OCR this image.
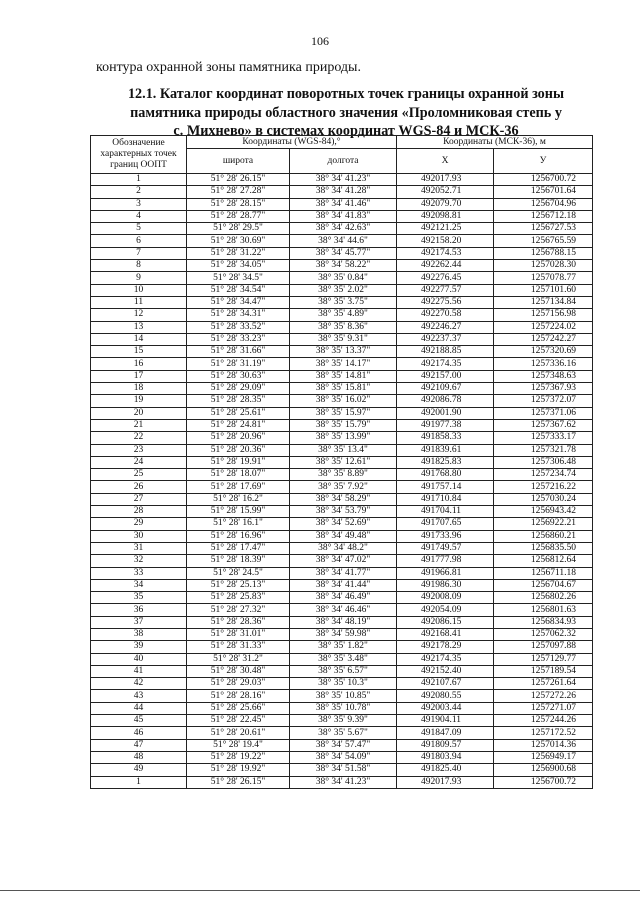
106
контура охранной зоны памятника природы.
12.1. Каталог координат поворотных точек границы охранной зоны
памятника природы областного значения «Проломниковая степь у
с. Михнево» в системах координат WGS-84 и МСК-36
Обозначение характерных точек границ ООПТ	Координаты (WGS-84),°		Координаты (МСК-36), м	
	широта	долгота	X	У
1	51° 28' 26.15"	38° 34' 41.23"	492017.93	1256700.72
2	51° 28' 27.28"	38° 34' 41.28"	492052.71	1256701.64
3	51° 28' 28.15"	38° 34' 41.46"	492079.70	1256704.96
4	51° 28' 28.77"	38° 34' 41.83"	492098.81	1256712.18
5	51° 28' 29.5"	38° 34' 42.63"	492121.25	1256727.53
6	51° 28' 30.69"	38° 34' 44.6"	492158.20	1256765.59
7	51° 28' 31.22"	38° 34' 45.77"	492174.53	1256788.15
8	51° 28' 34.05"	38° 34' 58.22"	492262.44	1257028.30
9	51° 28' 34.5"	38° 35' 0.84"	492276.45	1257078.77
10	51° 28' 34.54"	38° 35' 2.02"	492277.57	1257101.60
11	51° 28' 34.47"	38° 35' 3.75"	492275.56	1257134.84
12	51° 28' 34.31"	38° 35' 4.89"	492270.58	1257156.98
13	51° 28' 33.52"	38° 35' 8.36"	492246.27	1257224.02
14	51° 28' 33.23"	38° 35' 9.31"	492237.37	1257242.27
15	51° 28' 31.66"	38° 35' 13.37"	492188.85	1257320.69
16	51° 28' 31.19"	38° 35' 14.17"	492174.35	1257336.16
17	51° 28' 30.63"	38° 35' 14.81"	492157.00	1257348.63
18	51° 28' 29.09"	38° 35' 15.81"	492109.67	1257367.93
19	51° 28' 28.35"	38° 35' 16.02"	492086.78	1257372.07
20	51° 28' 25.61"	38° 35' 15.97"	492001.90	1257371.06
21	51° 28' 24.81"	38° 35' 15.79"	491977.38	1257367.62
22	51° 28' 20.96"	38° 35' 13.99"	491858.33	1257333.17
23	51° 28' 20.36"	38° 35' 13.4"	491839.61	1257321.78
24	51° 28' 19.91"	38° 35' 12.61"	491825.83	1257306.48
25	51° 28' 18.07"	38° 35' 8.89"	491768.80	1257234.74
26	51° 28' 17.69"	38° 35' 7.92"	491757.14	1257216.22
27	51° 28' 16.2"	38° 34' 58.29"	491710.84	1257030.24
28	51° 28' 15.99"	38° 34' 53.79"	491704.11	1256943.42
29	51° 28' 16.1"	38° 34' 52.69"	491707.65	1256922.21
30	51° 28' 16.96"	38° 34' 49.48"	491733.96	1256860.21
31	51° 28' 17.47"	38° 34' 48.2"	491749.57	1256835.50
32	51° 28' 18.39"	38° 34' 47.02"	491777.98	1256812.64
33	51° 28' 24.5"	38° 34' 41.77"	491966.81	1256711.18
34	51° 28' 25.13"	38° 34' 41.44"	491986.30	1256704.67
35	51° 28' 25.83"	38° 34' 46.49"	492008.09	1256802.26
36	51° 28' 27.32"	38° 34' 46.46"	492054.09	1256801.63
37	51° 28' 28.36"	38° 34' 48.19"	492086.15	1256834.93
38	51° 28' 31.01"	38° 34' 59.98"	492168.41	1257062.32
39	51° 28' 31.33"	38° 35' 1.82"	492178.29	1257097.88
40	51° 28' 31.2"	38° 35' 3.48"	492174.35	1257129.77
41	51° 28' 30.48"	38° 35' 6.57"	492152.40	1257189.54
42	51° 28' 29.03"	38° 35' 10.3"	492107.67	1257261.64
43	51° 28' 28.16"	38° 35' 10.85"	492080.55	1257272.26
44	51° 28' 25.66"	38° 35' 10.78"	492003.44	1257271.07
45	51° 28' 22.45"	38° 35' 9.39"	491904.11	1257244.26
46	51° 28' 20.61"	38° 35' 5.67"	491847.09	1257172.52
47	51° 28' 19.4"	38° 34' 57.47"	491809.57	1257014.36
48	51° 28' 19.22"	38° 34' 54.09"	491803.94	1256949.17
49	51° 28' 19.92"	38° 34' 51.58"	491825.40	1256900.68
1	51° 28' 26.15"	38° 34' 41.23"	492017.93	1256700.72
